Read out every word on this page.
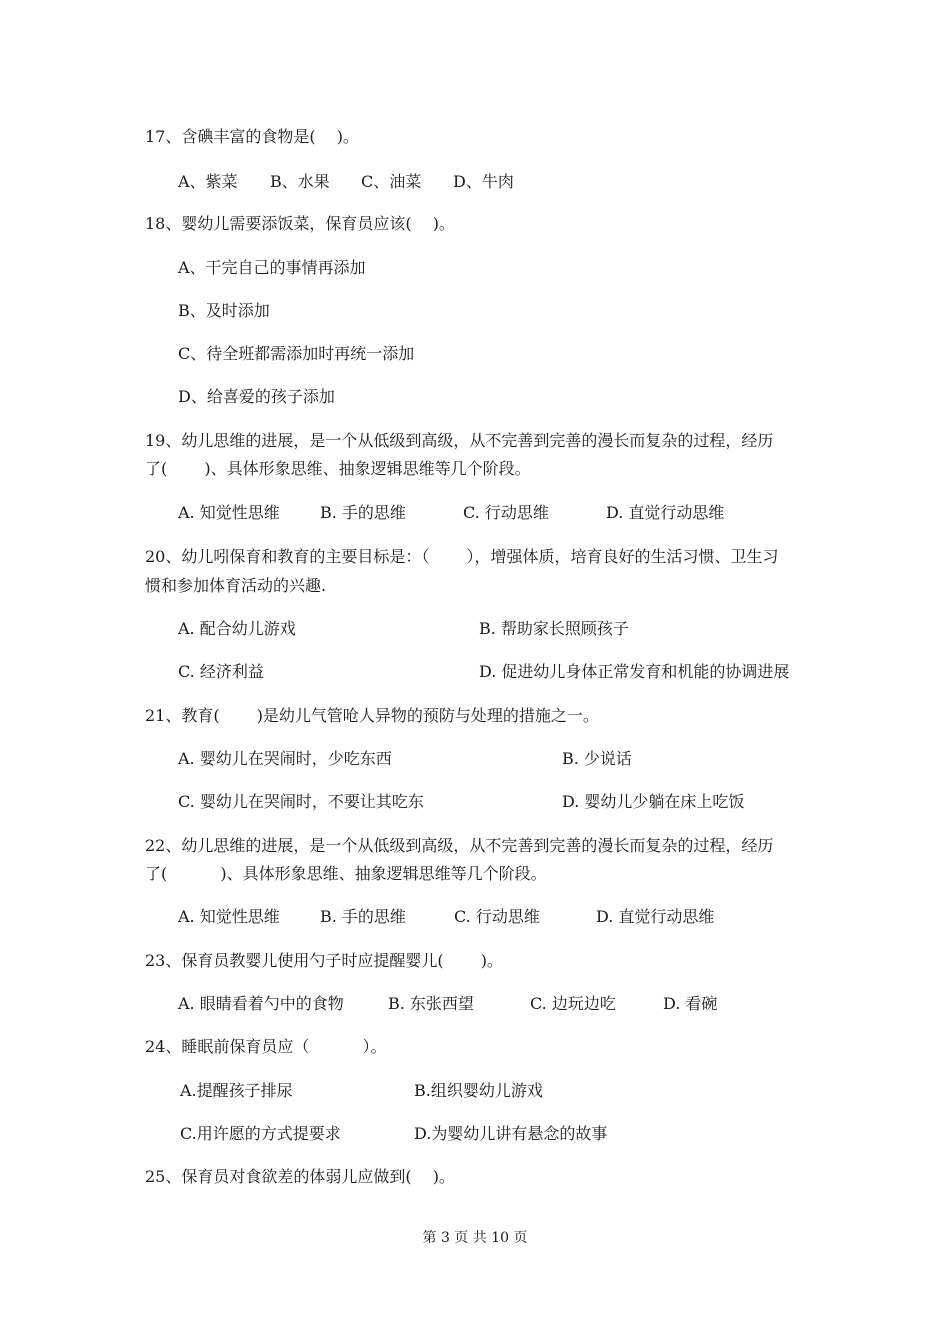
17、含碘丰富的食物是(　 )。
A、紫菜 B、水果 C、油菜 D、牛肉
18、婴幼儿需要添饭菜，保育员应该(　 )。
A、干完自己的事情再添加
B、及时添加
C、待全班都需添加时再统一添加
D、给喜爱的孩子添加
19、幼儿思维的进展，是一个从低级到高级，从不完善到完善的漫长而复杂的过程，经历
了(　　 )、具体形象思维、抽象逻辑思维等几个阶段。
A. 知觉性思维	B. 手的思维	C. 行动思维	D. 直觉行动思维
20、幼儿吲保育和教育的主要目标是：（　　 ），增强体质，培育良好的生活习惯、卫生习
惯和参加体育活动的兴趣.
A. 配合幼儿游戏	B. 帮助家长照顾孩子
C. 经济利益	D. 促进幼儿身体正常发育和机能的协调进展
21、教育(　　 )是幼儿气管呛人异物的预防与处理的措施之一。
A. 婴幼儿在哭闹时，少吃东西	B. 少说话
C. 婴幼儿在哭闹时，不要让其吃东	D. 婴幼儿少躺在床上吃饭
22、幼儿思维的进展，是一个从低级到高级，从不完善到完善的漫长而复杂的过程，经历
了(　　　 )、具体形象思维、抽象逻辑思维等几个阶段。
A. 知觉性思维	B. 手的思维	C. 行动思维	D. 直觉行动思维
23、保育员教婴儿使用勺子时应提醒婴儿(　　 )。
A. 眼睛看着勺中的食物	B. 东张西望	C. 边玩边吃	D. 看碗
24、睡眠前保育员应（　　　 ）。
A.提醒孩子排尿	B.组织婴幼儿游戏
C.用许愿的方式提要求	D.为婴幼儿讲有悬念的故事
25、保育员对食欲差的体弱儿应做到(　 )。
第 3 页 共 10 页
